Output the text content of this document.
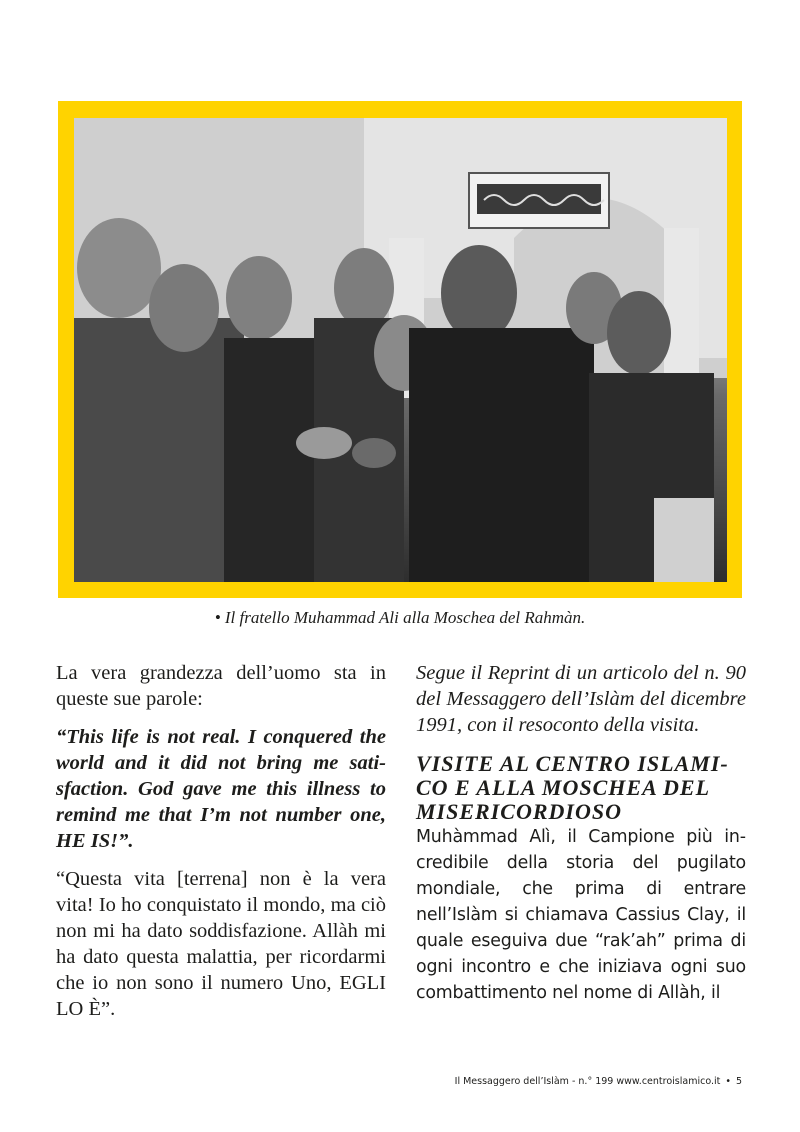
• Il fratello Muhammad Ali alla Moschea del Rahmàn.

La vera grandezza dell’uomo sta in queste sue parole:

“This life is not real. I conquered the world and it did not bring me satisfaction. God gave me this illness to remind me that I’m not number one, HE IS!”.

“Questa vita [terrena] non è la vera vita! Io ho conquistato il mondo, ma ciò non mi ha dato soddisfazione. Allàh mi ha dato questa malattia, per ricordarmi che io non sono il numero Uno, EGLI LO È”.

Segue il Reprint di un articolo del n. 90 del Messaggero dell’Islàm del dicembre 1991, con il resoconto della visita.

VISITE AL CENTRO ISLAMICO E ALLA MOSCHEA DEL MISERICORDIOSO

Muhàmmad Alì, il Campione più incredibile della storia del pugilato mondiale, che prima di entrare nell’Islàm si chiamava Cassius Clay, il quale eseguiva due “rak’ah” prima di ogni incontro e che iniziava ogni suo combattimento nel nome di Allàh, il

Il Messaggero dell’Islàm - n.° 199 www.centroislamico.it • 5
